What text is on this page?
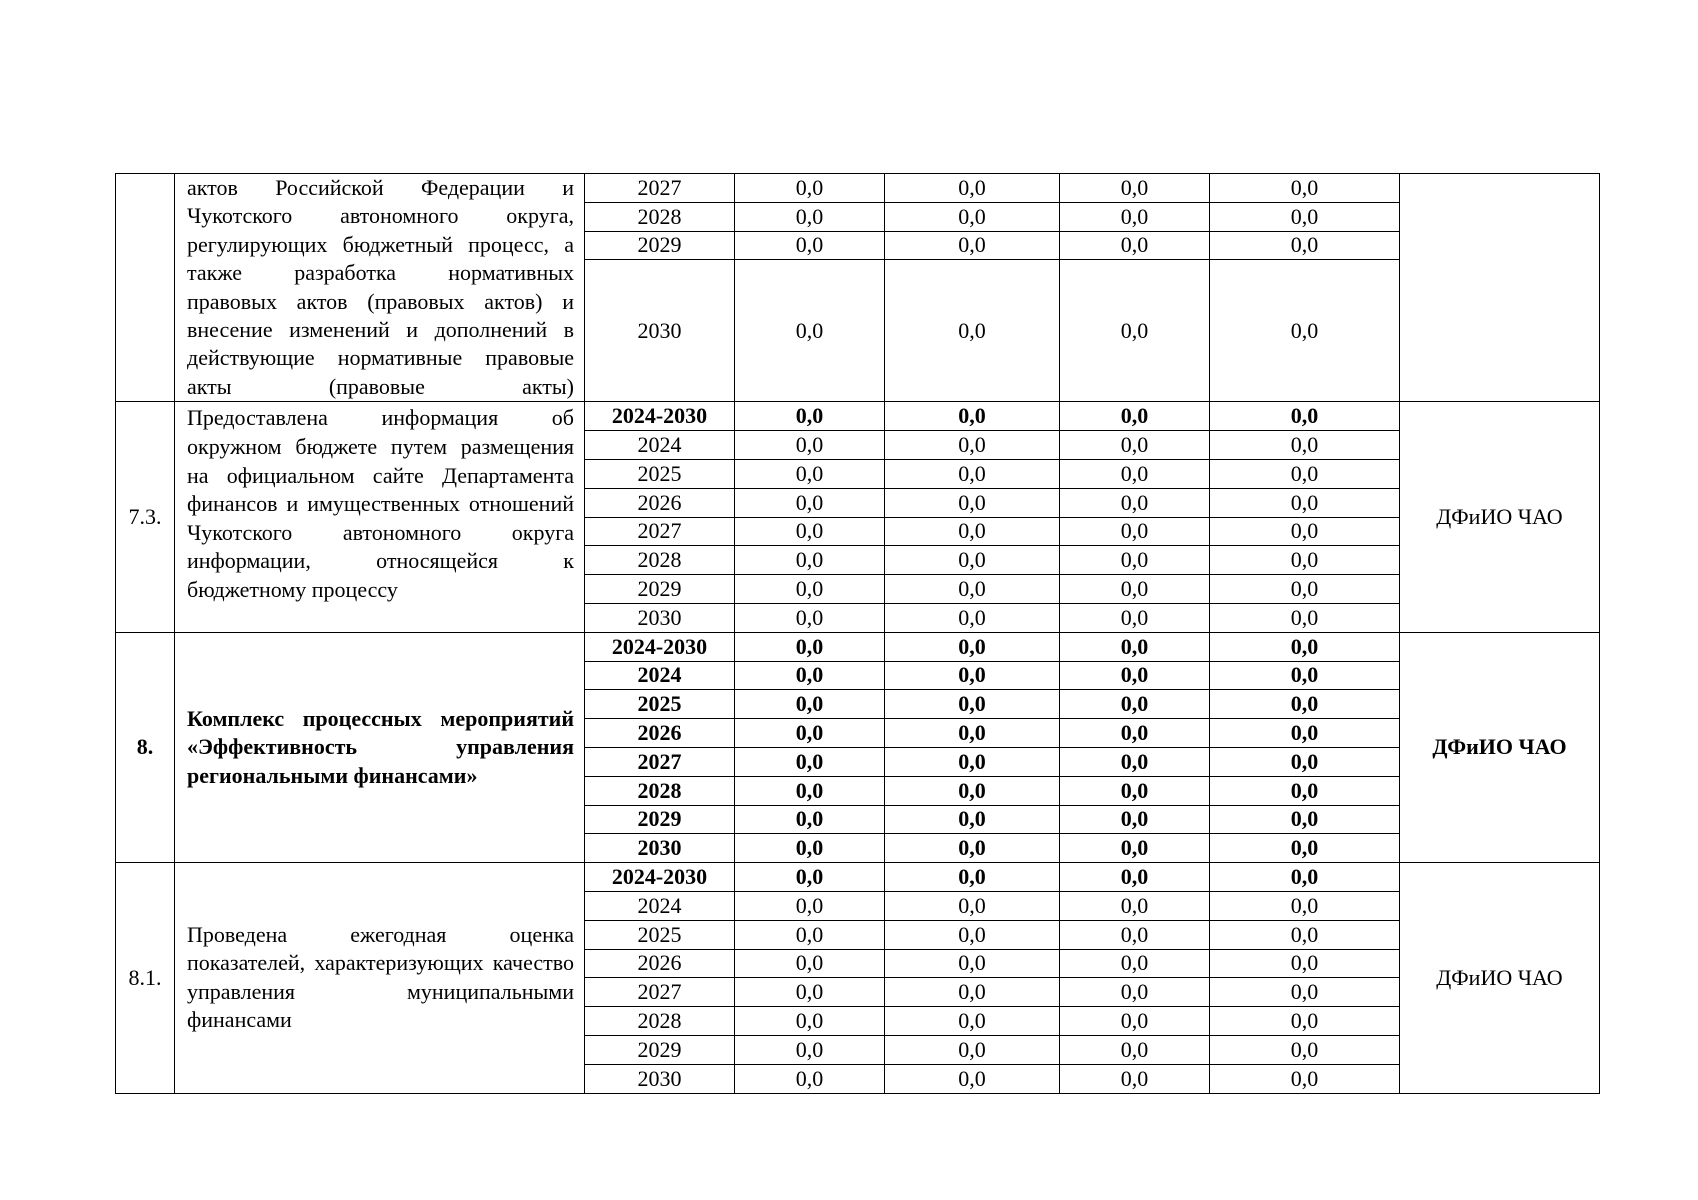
	актов Российской Федерации и Чукотского автономного округа, регулирующих бюджетный процесс, а также разработка нормативных правовых актов (правовых актов) и внесение изменений и дополнений в действующие нормативные правовые акты (правовые акты)	2027	0,0	0,0	0,0	0,0	
		2028	0,0	0,0	0,0	0,0	
		2029	0,0	0,0	0,0	0,0	
		2030	0,0	0,0	0,0	0,0	
7.3.	Предоставлена информация об окружном бюджете путем размещения на официальном сайте Департамента финансов и имущественных отношений Чукотского автономного округа информации, относящейся к бюджетному процессу	2024-2030	0,0	0,0	0,0	0,0	ДФиИО ЧАО
		2024	0,0	0,0	0,0	0,0	
		2025	0,0	0,0	0,0	0,0	
		2026	0,0	0,0	0,0	0,0	
		2027	0,0	0,0	0,0	0,0	
		2028	0,0	0,0	0,0	0,0	
		2029	0,0	0,0	0,0	0,0	
		2030	0,0	0,0	0,0	0,0	
8.	Комплекс процессных мероприятий «Эффективность управления региональными финансами»	2024-2030	0,0	0,0	0,0	0,0	ДФиИО ЧАО
		2024	0,0	0,0	0,0	0,0	
		2025	0,0	0,0	0,0	0,0	
		2026	0,0	0,0	0,0	0,0	
		2027	0,0	0,0	0,0	0,0	
		2028	0,0	0,0	0,0	0,0	
		2029	0,0	0,0	0,0	0,0	
		2030	0,0	0,0	0,0	0,0	
8.1.	Проведена ежегодная оценка показателей, характеризующих качество управления муниципальными финансами	2024-2030	0,0	0,0	0,0	0,0	ДФиИО ЧАО
		2024	0,0	0,0	0,0	0,0	
		2025	0,0	0,0	0,0	0,0	
		2026	0,0	0,0	0,0	0,0	
		2027	0,0	0,0	0,0	0,0	
		2028	0,0	0,0	0,0	0,0	
		2029	0,0	0,0	0,0	0,0	
		2030	0,0	0,0	0,0	0,0	
